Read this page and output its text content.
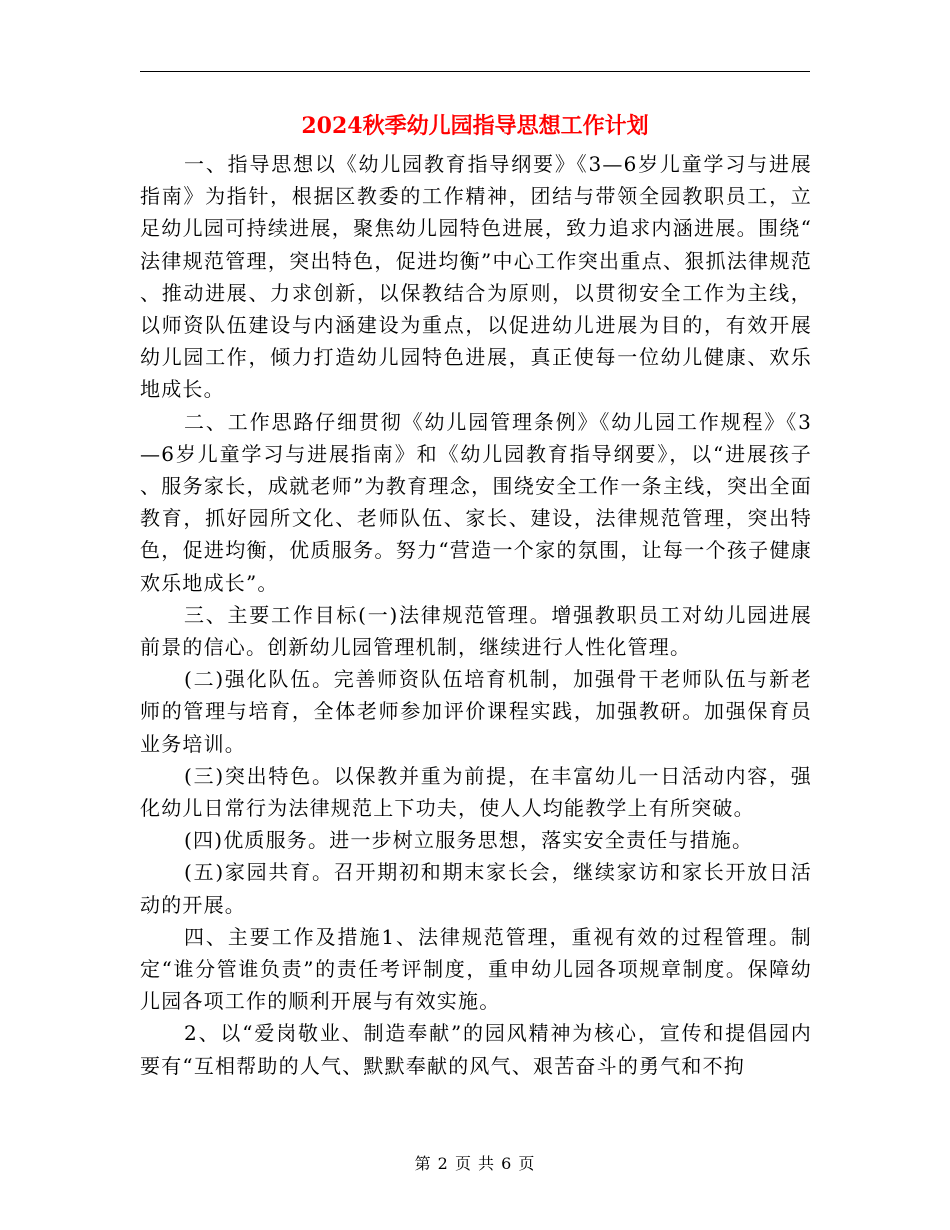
2024秋季幼儿园指导思想工作计划

一、指导思想以《幼儿园教育指导纲要》《3—6岁儿童学习与进展指南》为指针，根据区教委的工作精神，团结与带领全园教职员工，立足幼儿园可持续进展，聚焦幼儿园特色进展，致力追求内涵进展。围绕“法律规范管理，突出特色，促进均衡”中心工作突出重点、狠抓法律规范、推动进展、力求创新，以保教结合为原则，以贯彻安全工作为主线，以师资队伍建设与内涵建设为重点，以促进幼儿进展为目的，有效开展幼儿园工作，倾力打造幼儿园特色进展，真正使每一位幼儿健康、欢乐地成长。

二、工作思路仔细贯彻《幼儿园管理条例》《幼儿园工作规程》《3—6岁儿童学习与进展指南》和《幼儿园教育指导纲要》，以“进展孩子、服务家长，成就老师”为教育理念，围绕安全工作一条主线，突出全面教育，抓好园所文化、老师队伍、家长、建设，法律规范管理，突出特色，促进均衡，优质服务。努力“营造一个家的氛围，让每一个孩子健康欢乐地成长”。

三、主要工作目标(一)法律规范管理。增强教职员工对幼儿园进展前景的信心。创新幼儿园管理机制，继续进行人性化管理。

(二)强化队伍。完善师资队伍培育机制，加强骨干老师队伍与新老师的管理与培育，全体老师参加评价课程实践，加强教研。加强保育员业务培训。

(三)突出特色。以保教并重为前提，在丰富幼儿一日活动内容，强化幼儿日常行为法律规范上下功夫，使人人均能教学上有所突破。

(四)优质服务。进一步树立服务思想，落实安全责任与措施。

(五)家园共育。召开期初和期末家长会，继续家访和家长开放日活动的开展。

四、主要工作及措施1、法律规范管理，重视有效的过程管理。制定“谁分管谁负责”的责任考评制度，重申幼儿园各项规章制度。保障幼儿园各项工作的顺利开展与有效实施。

2、以“爱岗敬业、制造奉献”的园风精神为核心，宣传和提倡园内要有“互相帮助的人气、默默奉献的风气、艰苦奋斗的勇气和不拘

第 2 页 共 6 页
